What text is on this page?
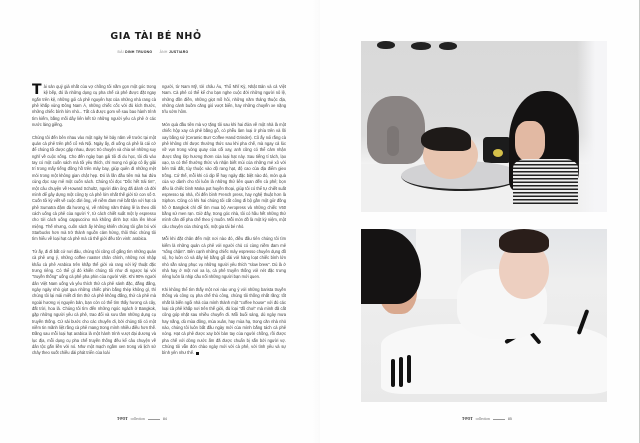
GIA TÀI BÉ NHỎ
BÀI DINH TRUONG ẢNH JUSTIARO

Tài sản quý giá nhất của vợ chồng tôi nằm gọn một góc trong kệ bếp, đó là những dụng cụ pha chế cà phê được đặt ngay ngắn trên kệ, những gói cà phê nguyên hạt của những nhà rang cà phê khắp vùng Đông Nam Á, những chiếc cốc với đủ kích thước, những chiếc bình lớn nhỏ... Tất cả được gom về sau bao hành trình tìm kiếm, bằng mối dây liên kết từ những người yêu cà phê ở các nước láng giềng.

Chúng tôi đến bên nhau vào một ngày hè bảy năm về trước tại một quán cà phê trên phố cổ Hà Nội. Ngày ấy, đi uống cà phê là cái cớ để chúng tôi được gặp nhau, được trò chuyện và chia sẻ những suy nghĩ về cuộc sống. Cho đến ngày bạn gái tôi đi du học, tôi đủ vào tay có một cuốn sách mà tôi yêu thích, chỉ mong nó giúp cô ấy giải trí trong mấy tiếng đồng hồ trên máy bay, giúp quên đi những mệt mỏi trong một không gian chật hẹp. Đó là lần đầu tiên mà hai đứa cùng đọc say mê một cuốn sách. Chúng tôi đọc "Dốc hết trái tim", một câu chuyện về Howard Schultz, người đàn ông đã dành cả đời mình để gây dựng một công ty cà phê lớn nhất thế giới từ con số 0. Cuốn tôi kỳ viết về cuộc đời ông, về niềm đam mê bất tận với hạt cà phê Sumatra đậm đà hương vị, về những năm tháng lê la theo dõi cách uống cà phê của người Ý, từ cách chiết suất một ly espresso cho tới cách uống cappuccino mà không dính bọt sữa lên khoé miệng. Thế nhưng, cuốn sách ấy không khiến chúng tôi gần bó với Starbucks hơn mà trở thành nguồn cảm hứng, thôi thúc chúng tôi tìm hiểu về loại hạt cà phê mà cả thế giới đều tôn vinh: arabica.

Từ ấy, đi đi bất cứ nơi đâu, chúng tôi cũng cố gắng tìm những quán cà phê ưng ý, những coffee roaster chân chính, những nơi nhập khẩu cà phê Arabica trên khắp thế giới và rang với kỹ thuật đặc trưng riêng. Có thể gì đó khiến chúng tôi như đi ngược lại với "truyền thống" uống cà phê pha phin của người Việt. Khi 90% người dân Việt Nam uống và yêu thích thứ cà phê sánh đặc, đắng đắng, ngày ngày nhỏ giọt qua những chiếc phin bằng thép không gỉ, thì chúng tôi lại mải miết đi tìm thứ cà phê không đắng, thứ cà phê mà ngoài hương vị nguyên bản, bạn còn có thể tìm thấy hương cà cây, đất trời, hoa lá. Chúng tôi tìm đến những ngóc ngách ở Bangkok, gặp những người yêu cà phê, trao đổi và sưu tầm những dụng cụ truyền thống. Cứ sải bước cho các chuyến đi, bởi chúng tôi có một niềm tin mãnh liệt rằng cà phê mang trong mình nhiều điều hơn thế. Đằng sau mỗi loại hạt arabica là một hành trình vượt đại dương và lục địa, mỗi dụng cụ pha chế truyền thống đều kể câu chuyện về dân tộc gắn liền với nó. Như một mạch ngầm xen trong vả lịch sử chảy theo suốt chiều dài phát triển của loài

người, từ Nam Mỹ, tới châu Âu, Thổ Nhĩ Kỳ, Nhật Bản và cả Việt Nam. Cà phê có thể kể cho bạn nghe cuộc đời những người nô lệ, những đồn điền, những giọt mồ hôi, những năm tháng thuộc địa, những cánh buồm căng gió vượt biển, hay những chuyến xe nặng trĩu sớm hôm.

Món quà đầu tiên mà vợ tặng tôi sau khi hai đứa về một nhà là một chiếc hộp xay cà phê bằng gỗ, có phễu làm loại ở phía trên và lõi xay bằng sứ (Ceramic Burr Coffee Hand Grinder). Cô ấy nói rằng cà phê không chỉ được thưởng thức sau khi pha chế, mà ngay cả lúc vỡ vụn trong vòng quay của cối xay, anh cũng có thể cảm nhận được tầng lớp hương thơm của loại hạt này. Sau tiếng tí tách, lạo xạo, ta có thể thưởng thức và nhận biết mùi của những mẻ xô với bên trái đất, tùy thuộc vào độ rang hạt, độ cao của địa điểm gieo trồng. Cứ thế, mỗi khi có dịp lễ hay ngày đặc biệt nào đó, món quà của vợ dành cho tôi luôn là những thứ liên quan đến cà phê; bọn đều là chiếc bình Moka pot huyền thoại, giúp tôi có thể tự chiết suất espresso tại nhà, rồi đến bình French press, hay nghệ thuật hơn là Siphon. Cũng có khi hai chúng tôi cất công đi bộ gần một giờ đồng hồ ở Bangkok chỉ để tìm mua bộ Aeropress và những chiếc V60 bằng sứ men rạn. Giờ đây, trong góc nhà, tôi có hầu hết những thứ mình cần để pha chế theo ý muốn. Mỗi món đồ là một kỷ niệm, một câu chuyện của chúng tôi, một gia tài bé nhỏ.

Mỗi khi đặt chân đến một nơi nào đó, điều đầu tiên chúng tôi tìm kiếm là những quán cà phê với người chủ có cùng niềm đam mê "sống chậm". Bên cạnh những chiếc máy espresso chuyên dụng đồ sộ, họ luôn có và dây kệ bằng gỗ dài với hàng loạt chiếc bình lớn nhỏ sẵn sàng phục vụ những người yêu thích "slow brew". Dù là ở nhà hay ở một nơi xa lạ, cà phê truyền thống với nét đặc trưng riêng luôn là nhịp cầu nối những người bạn mới quen.

Khi không thể tìm thấy một nơi nào ưng ý với những barista truyền thống và công cụ pha chế thủ công, chúng tôi thống nhất rằng: tốt nhất là biến ngôi nhà của mình thành một "coffee house" với đủ các loại cà phê khắp nơi trên thế giới, đủ loại "đồ chơi" mà mình đã cất công góp nhặt sau nhiều chuyến đi. Mỗi buổi sáng, dù ngày mưa hay nắng, dù mùa đông, mùa xuân, hay mùa hạ, trong căn nhà nhỏ nào, chúng tôi luôn bắt đầu ngày mới của mình bằng tách cà phê nóng. Hạt cà phê được xay bởi bàn tay của người chồng, rồi được pha chế với dòng nước ấm đã được chuẩn bị sẵn bởi người vợ. Chúng tôi vẫn đón chào ngày mới với cà phê, với tình yêu và sự bình yên như thế.

T-POT collection	84	T-POT collection	85
